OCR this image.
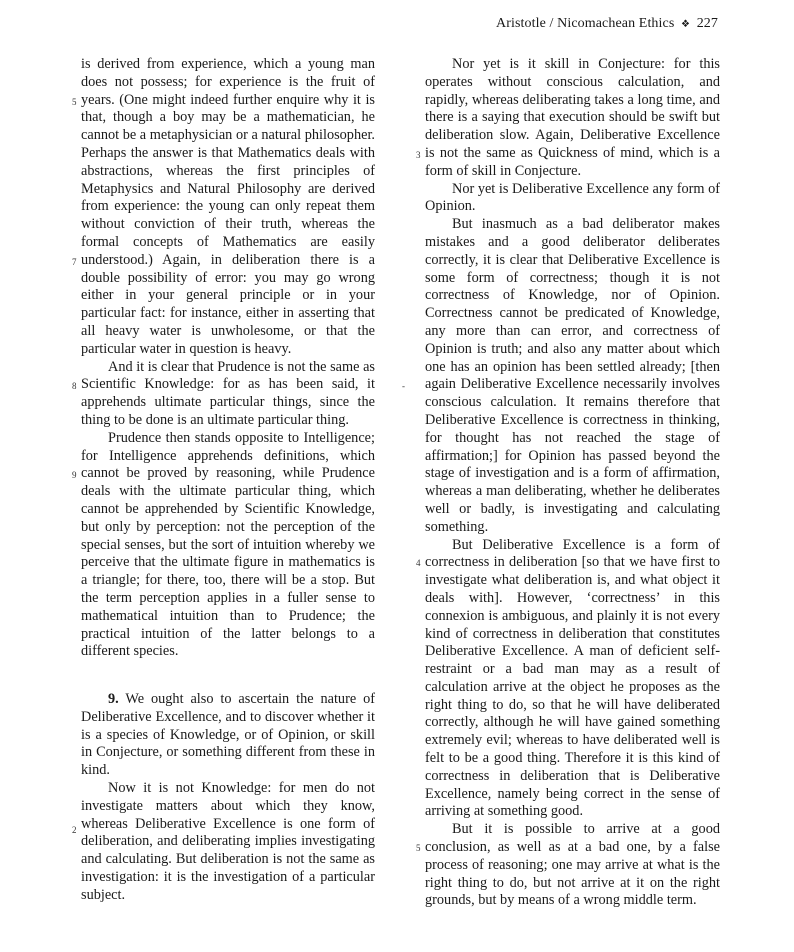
Aristotle / Nicomachean Ethics ❖ 227

is derived from experience, which a young man does not possess; for experience is the fruit of years. (One might indeed further enquire why it is that, though a boy may be a mathematician, he cannot be a metaphysician or a natural philosopher. Perhaps the answer is that Mathematics deals with abstractions, whereas the first principles of Metaphysics and Natural Philosophy are derived from experience: the young can only repeat them without conviction of their truth, whereas the formal concepts of Mathematics are easily understood.) Again, in deliberation there is a double possibility of error: you may go wrong either in your general principle or in your particular fact: for instance, either in asserting that all heavy water is unwholesome, or that the particular water in question is heavy.

And it is clear that Prudence is not the same as Scientific Knowledge: for as has been said, it apprehends ultimate particular things, since the thing to be done is an ultimate particular thing.

Prudence then stands opposite to Intelligence; for Intelligence apprehends definitions, which cannot be proved by reasoning, while Prudence deals with the ultimate particular thing, which cannot be apprehended by Scientific Knowledge, but only by perception: not the perception of the special senses, but the sort of intuition whereby we perceive that the ultimate figure in mathematics is a triangle; for there, too, there will be a stop. But the term perception applies in a fuller sense to mathematical intuition than to Prudence; the practical intuition of the latter belongs to a different species.

9. We ought also to ascertain the nature of Deliberative Excellence, and to discover whether it is a species of Knowledge, or of Opinion, or skill in Conjecture, or something different from these in kind.

Now it is not Knowledge: for men do not investigate matters about which they know, whereas Deliberative Excellence is one form of deliberation, and deliberating implies investigating and calculating. But deliberation is not the same as investigation: it is the investigation of a particular subject.

Nor yet is it skill in Conjecture: for this operates without conscious calculation, and rapidly, whereas deliberating takes a long time, and there is a saying that execution should be swift but deliberation slow. Again, Deliberative Excellence is not the same as Quickness of mind, which is a form of skill in Conjecture.

Nor yet is Deliberative Excellence any form of Opinion.

But inasmuch as a bad deliberator makes mistakes and a good deliberator deliberates correctly, it is clear that Deliberative Excellence is some form of correctness; though it is not correctness of Knowledge, nor of Opinion. Correctness cannot be predicated of Knowledge, any more than can error, and correctness of Opinion is truth; and also any matter about which one has an opinion has been settled already; [then again Deliberative Excellence necessarily involves conscious calculation. It remains therefore that Deliberative Excellence is correctness in thinking, for thought has not reached the stage of affirmation;] for Opinion has passed beyond the stage of investigation and is a form of affirmation, whereas a man deliberating, whether he deliberates well or badly, is investigating and calculating something.

But Deliberative Excellence is a form of correctness in deliberation [so that we have first to investigate what deliberation is, and what object it deals with]. However, ‘correctness’ in this connexion is ambiguous, and plainly it is not every kind of correctness in deliberation that constitutes Deliberative Excellence. A man of deficient self-restraint or a bad man may as a result of calculation arrive at the object he proposes as the right thing to do, so that he will have deliberated correctly, although he will have gained something extremely evil; whereas to have deliberated well is felt to be a good thing. Therefore it is this kind of correctness in deliberation that is Deliberative Excellence, namely being correct in the sense of arriving at something good.

But it is possible to arrive at a good conclusion, as well as at a bad one, by a false process of reasoning; one may arrive at what is the right thing to do, but not arrive at it on the right grounds, but by means of a wrong middle term.

5
7
8
9
2
3
-
4
5
